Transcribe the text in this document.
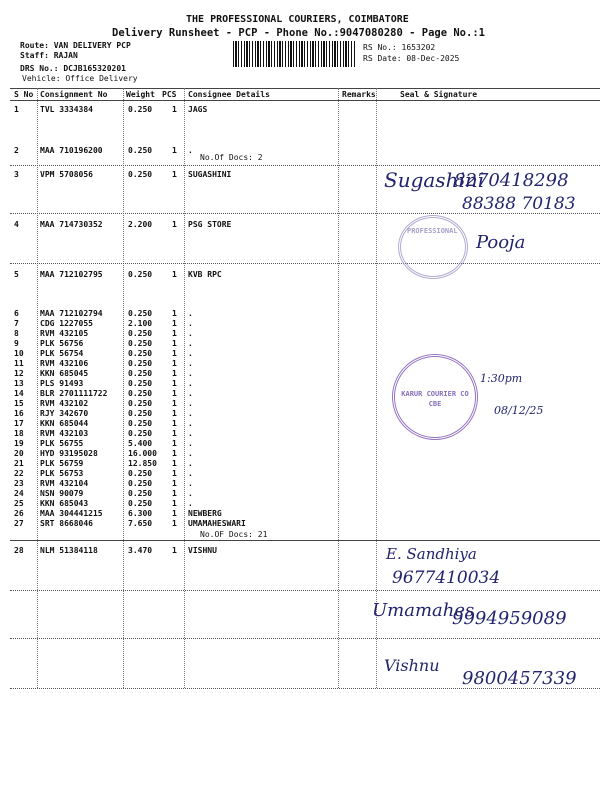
THE PROFESSIONAL COURIERS, COIMBATORE
Delivery Runsheet - PCP - Phone No.:9047080280 - Page No.:1
Route: VAN DELIVERY PCP
Staff: RAJAN
DRS No.: DCJB165320201
Vehicle: Office Delivery
RS No.: 1653202
RS Date: 08-Dec-2025
S No Consignment No Weight PCS Consignee Details	Remarks	Seal & Signature
1	TVL 3334384	0.250 1 JAGS
2	MAA 710196200	0.250 1 .
3	VPM 5708056	0.250 1 SUGASHINI
4	MAA 714730352	2.200 1 PSG STORE
5	MAA 712102795	0.250 1 KVB RPC
6	MAA 712102794	0.250 1 .
7	CDG 1227055	2.100 1 .
8	RVM 432105	0.250 1 .
9	PLK 56756	0.250 1 .
10 PLK 56754	0.250 1 .
11 RVM 432106	0.250 1 .
12 KKN 685045	0.250 1 .
13 PLS 91493	0.250 1 .
14 BLR 2701111722	0.250 1 .
15 RVM 432102	0.250 1 .
16 RJY 342670	0.250 1 .
17 KKN 685044	0.250 1 .
18 RVM 432103	0.250 1 .
19 PLK 56755	5.400 1 .
20 HYD 93195028	16.000 1 .
21 PLK 56759	12.850 1 .
22 PLK 56753	0.250 1 .
23 RVM 432104	0.250 1 .
24 NSN 90079	0.250 1 .
25 KKN 685043	0.250 1 .
26 MAA 304441215	6.300 1 NEWBERG
27 SRT 8668046	7.650 1 UMAMAHESWARI
28 NLM 51384118	3.470 1 VISHNU
No.Of Docs: 2
No.OF Docs: 21
PROFESSIONAL
KARUR COURIER CO CBE
Sugashini
8270418298
88388 70183
Pooja
1:30pm
08/12/25
E. Sandhiya
9677410034
Umamahes
9994959089
Vishnu
9800457339
